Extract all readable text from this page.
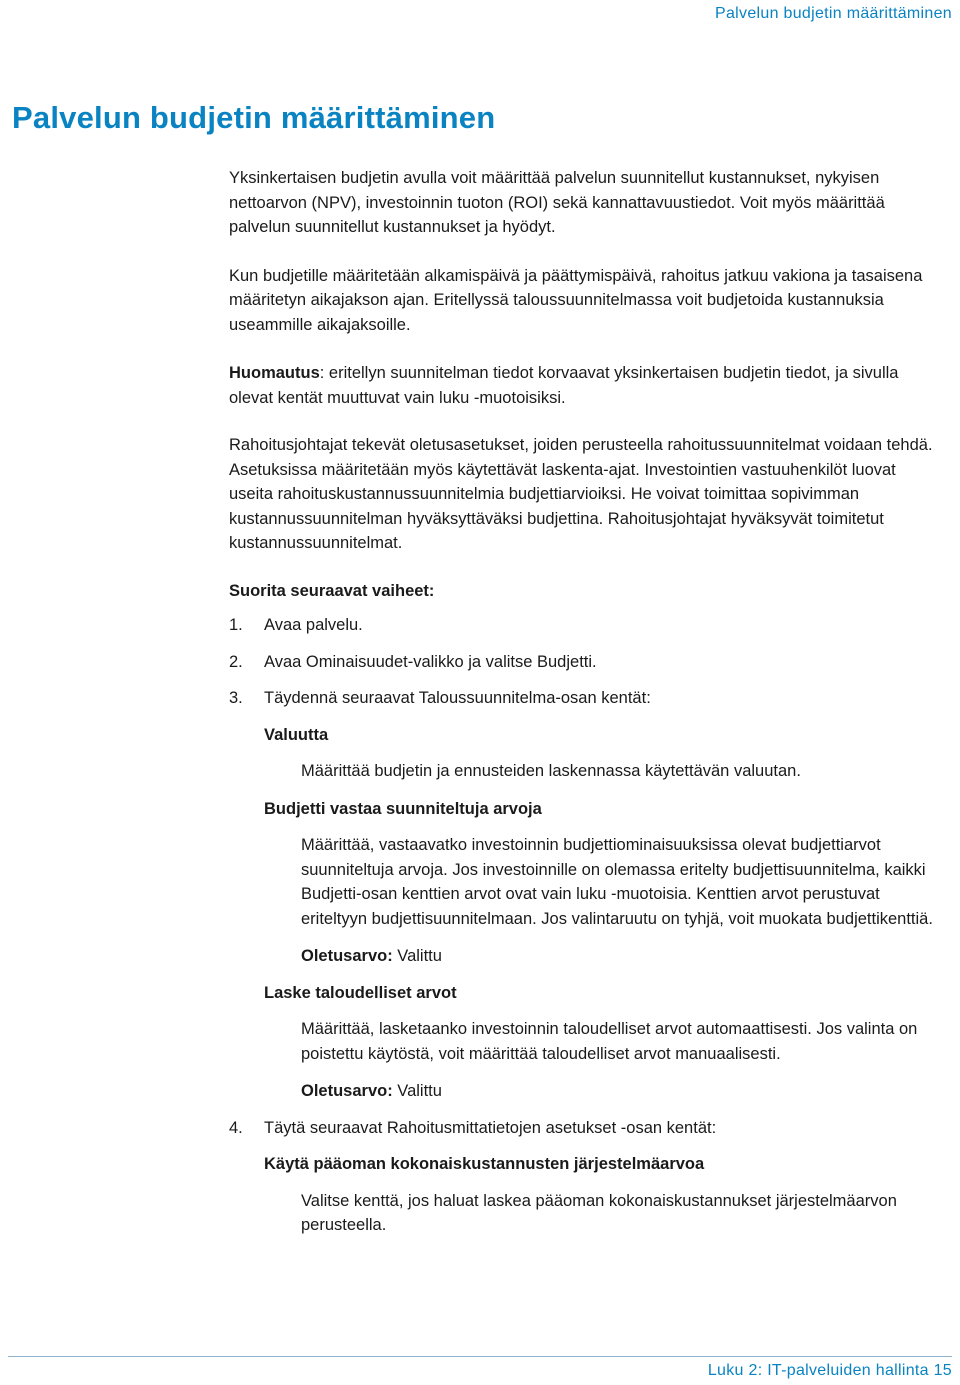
Palvelun budjetin määrittäminen
Palvelun budjetin määrittäminen

Yksinkertaisen budjetin avulla voit määrittää palvelun suunnitellut kustannukset, nykyisen nettoarvon (NPV), investoinnin tuoton (ROI) sekä kannattavuustiedot. Voit myös määrittää palvelun suunnitellut kustannukset ja hyödyt.

Kun budjetille määritetään alkamispäivä ja päättymispäivä, rahoitus jatkuu vakiona ja tasaisena määritetyn aikajakson ajan. Eritellyssä taloussuunnitelmassa voit budjetoida kustannuksia useammille aikajaksoille.

Huomautus: eritellyn suunnitelman tiedot korvaavat yksinkertaisen budjetin tiedot, ja sivulla olevat kentät muuttuvat vain luku -muotoisiksi.

Rahoitusjohtajat tekevät oletusasetukset, joiden perusteella rahoitussuunnitelmat voidaan tehdä. Asetuksissa määritetään myös käytettävät laskenta-ajat. Investointien vastuuhenkilöt luovat useita rahoituskustannussuunnitelmia budjettiarvioiksi. He voivat toimittaa sopivimman kustannussuunnitelman hyväksyttäväksi budjettina. Rahoitusjohtajat hyväksyvät toimitetut kustannussuunnitelmat.

Suorita seuraavat vaiheet:
1. Avaa palvelu.
2. Avaa Ominaisuudet-valikko ja valitse Budjetti.
3. Täydennä seuraavat Taloussuunnitelma-osan kentät:
Valuutta
Määrittää budjetin ja ennusteiden laskennassa käytettävän valuutan.
Budjetti vastaa suunniteltuja arvoja
Määrittää, vastaavatko investoinnin budjettiominaisuuksissa olevat budjettiarvot suunniteltuja arvoja. Jos investoinnille on olemassa eritelty budjettisuunnitelma, kaikki Budjetti-osan kenttien arvot ovat vain luku -muotoisia. Kenttien arvot perustuvat eriteltyyn budjettisuunnitelmaan. Jos valintaruutu on tyhjä, voit muokata budjettikenttiä.
Oletusarvo: Valittu
Laske taloudelliset arvot
Määrittää, lasketaanko investoinnin taloudelliset arvot automaattisesti. Jos valinta on poistettu käytöstä, voit määrittää taloudelliset arvot manuaalisesti.
Oletusarvo: Valittu
4. Täytä seuraavat Rahoitusmittatietojen asetukset -osan kentät:
Käytä pääoman kokonaiskustannusten järjestelmäarvoa
Valitse kenttä, jos haluat laskea pääoman kokonaiskustannukset järjestelmäarvon perusteella.
Luku 2: IT-palveluiden hallinta 15
